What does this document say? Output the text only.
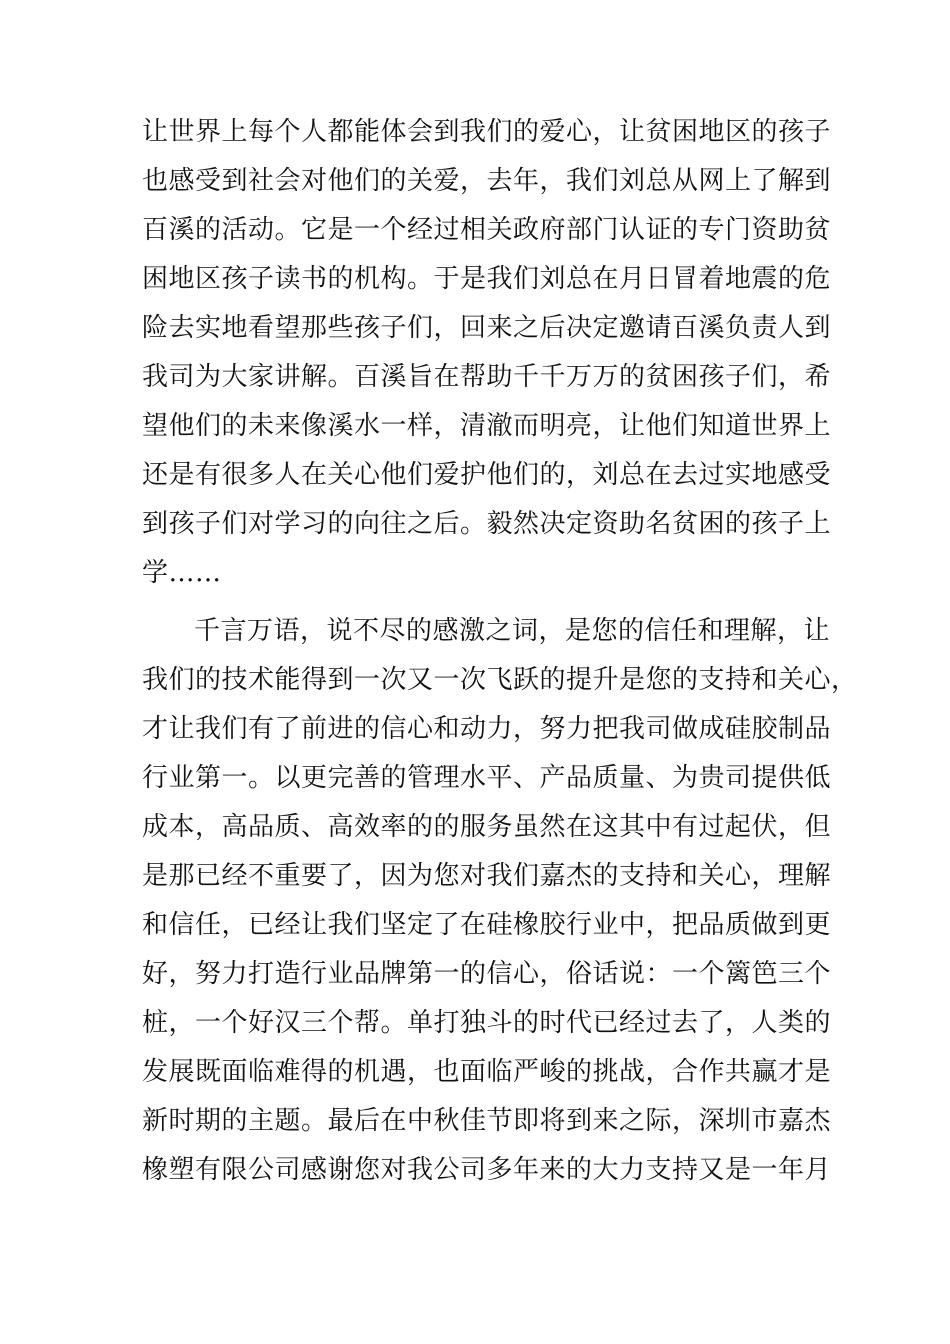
让世界上每个人都能体会到我们的爱心，让贫困地区的孩子
也感受到社会对他们的关爱，去年，我们刘总从网上了解到
百溪的活动。它是一个经过相关政府部门认证的专门资助贫
困地区孩子读书的机构。于是我们刘总在月日冒着地震的危
险去实地看望那些孩子们，回来之后决定邀请百溪负责人到
我司为大家讲解。百溪旨在帮助千千万万的贫困孩子们，希
望他们的未来像溪水一样，清澈而明亮，让他们知道世界上
还是有很多人在关心他们爱护他们的，刘总在去过实地感受
到孩子们对学习的向往之后。毅然决定资助名贫困的孩子上
学……
千言万语，说不尽的感激之词，是您的信任和理解，让
我们的技术能得到一次又一次飞跃的提升是您的支持和关心，
才让我们有了前进的信心和动力，努力把我司做成硅胶制品
行业第一。以更完善的管理水平、产品质量、为贵司提供低
成本，高品质、高效率的的服务虽然在这其中有过起伏，但
是那已经不重要了，因为您对我们嘉杰的支持和关心，理解
和信任，已经让我们坚定了在硅橡胶行业中，把品质做到更
好，努力打造行业品牌第一的信心，俗话说：一个篱笆三个
桩，一个好汉三个帮。单打独斗的时代已经过去了，人类的
发展既面临难得的机遇，也面临严峻的挑战，合作共赢才是
新时期的主题。最后在中秋佳节即将到来之际，深圳市嘉杰
橡塑有限公司感谢您对我公司多年来的大力支持又是一年月
